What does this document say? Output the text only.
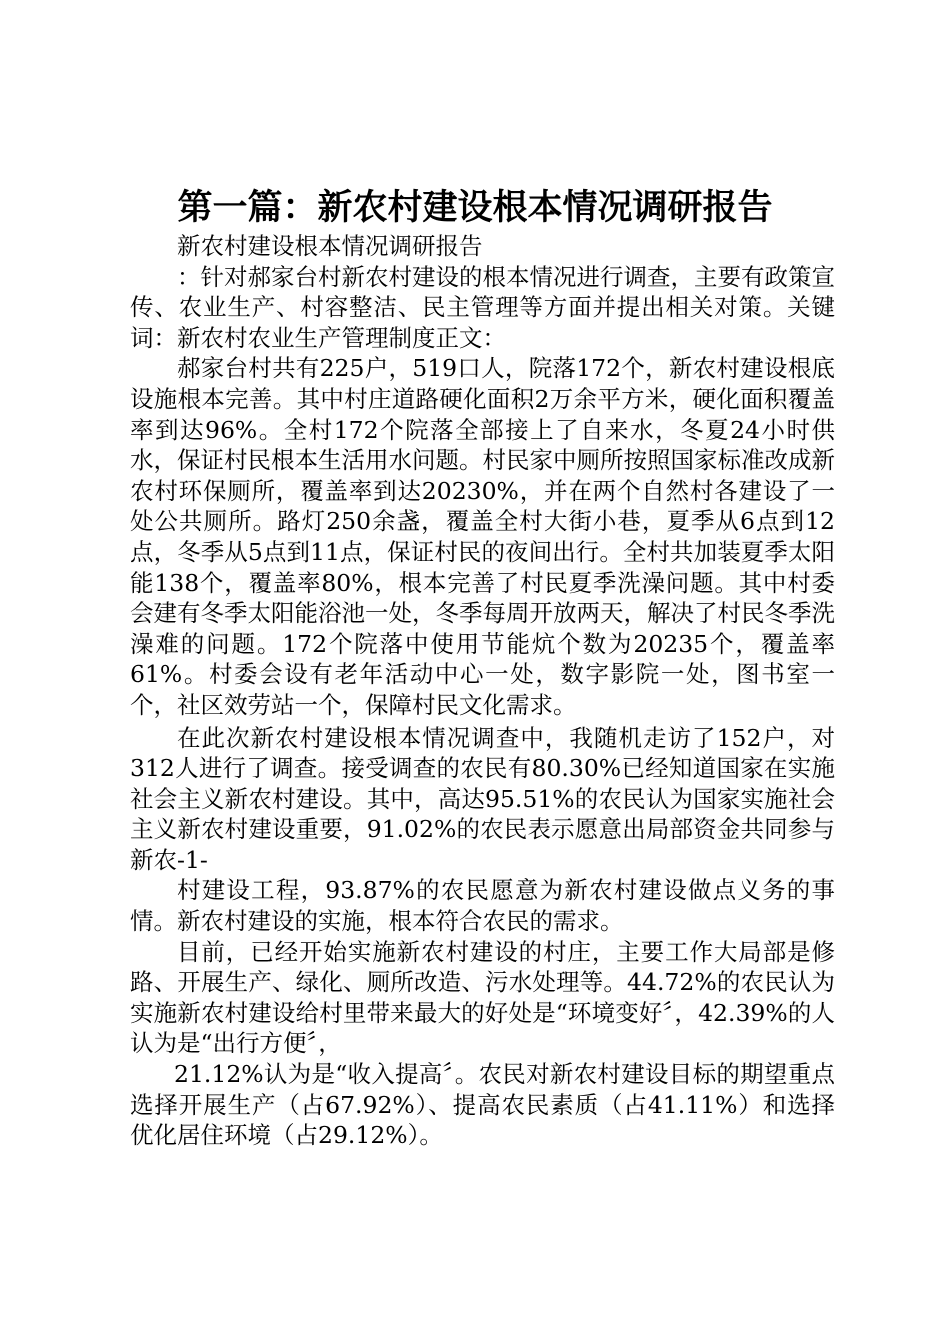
第一篇：新农村建设根本情况调研报告

新农村建设根本情况调研报告

：针对郝家台村新农村建设的根本情况进行调查，主要有政策宣传、农业生产、村容整洁、民主管理等方面并提出相关对策。关键词：新农村农业生产管理制度正文：

郝家台村共有225户，519口人，院落172个，新农村建设根底设施根本完善。其中村庄道路硬化面积2万余平方米，硬化面积覆盖率到达96%。全村172个院落全部接上了自来水，冬夏24小时供水，保证村民根本生活用水问题。村民家中厕所按照国家标准改成新农村环保厕所，覆盖率到达20230%，并在两个自然村各建设了一处公共厕所。路灯250余盏，覆盖全村大街小巷，夏季从6点到12点，冬季从5点到11点，保证村民的夜间出行。全村共加装夏季太阳能138个，覆盖率80%，根本完善了村民夏季洗澡问题。其中村委会建有冬季太阳能浴池一处，冬季每周开放两天，解决了村民冬季洗澡难的问题。172个院落中使用节能炕个数为20235个，覆盖率61%。村委会设有老年活动中心一处，数字影院一处，图书室一个，社区效劳站一个，保障村民文化需求。

在此次新农村建设根本情况调查中，我随机走访了152户，对312人进行了调查。接受调查的农民有80.30%已经知道国家在实施社会主义新农村建设。其中，高达95.51%的农民认为国家实施社会主义新农村建设重要，91.02%的农民表示愿意出局部资金共同参与新农-1-

村建设工程，93.87%的农民愿意为新农村建设做点义务的事情。新农村建设的实施，根本符合农民的需求。

目前，已经开始实施新农村建设的村庄，主要工作大局部是修路、开展生产、绿化、厕所改造、污水处理等。44.72%的农民认为实施新农村建设给村里带来最大的好处是“环境变好〞，42.39%的人认为是“出行方便〞，

21.12%认为是“收入提高〞。农民对新农村建设目标的期望重点选择开展生产（占67.92%）、提高农民素质（占41.11%）和选择优化居住环境（占29.12%）。
